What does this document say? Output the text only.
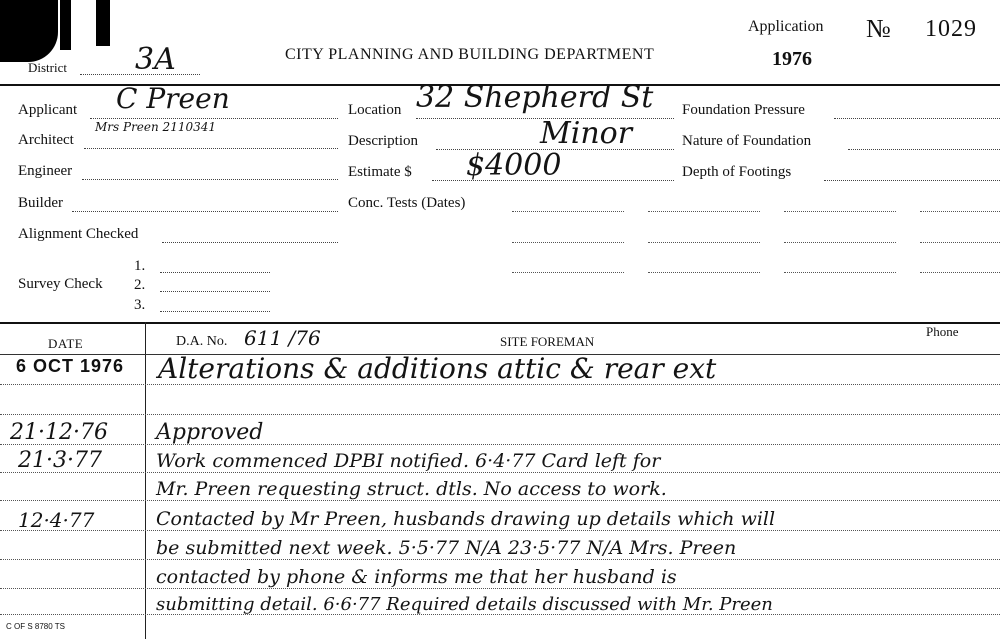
District 3A	CITY PLANNING AND BUILDING DEPARTMENT
Application № 1029
1976
Applicant C Preen
Mrs Preen 2110341
Architect
Engineer
Builder
Alignment Checked
Survey Check
1.
2.
3.
Location 32 Shepherd St
Description	Minor
Estimate $ $4000
Conc. Tests (Dates)
Foundation Pressure
Nature of Foundation
Depth of Footings
DATE	D.A. No. 611 /76	SITE FOREMAN
Phone
6 OCT 1976 Alterations & additions attic & rear ext
21·12·76 Approved
21·3·77	Work commenced DPBI notified. 6·4·77 Card left for
Mr. Preen requesting struct. dtls. No access to work.
12·4·77	Contacted by Mr Preen, husbands drawing up details which will
be submitted next week. 5·5·77 N/A 23·5·77 N/A Mrs. Preen
contacted by phone & informs me that her husband is
submitting detail. 6·6·77 Required details discussed with Mr. Preen
C OF S 8780 TS
